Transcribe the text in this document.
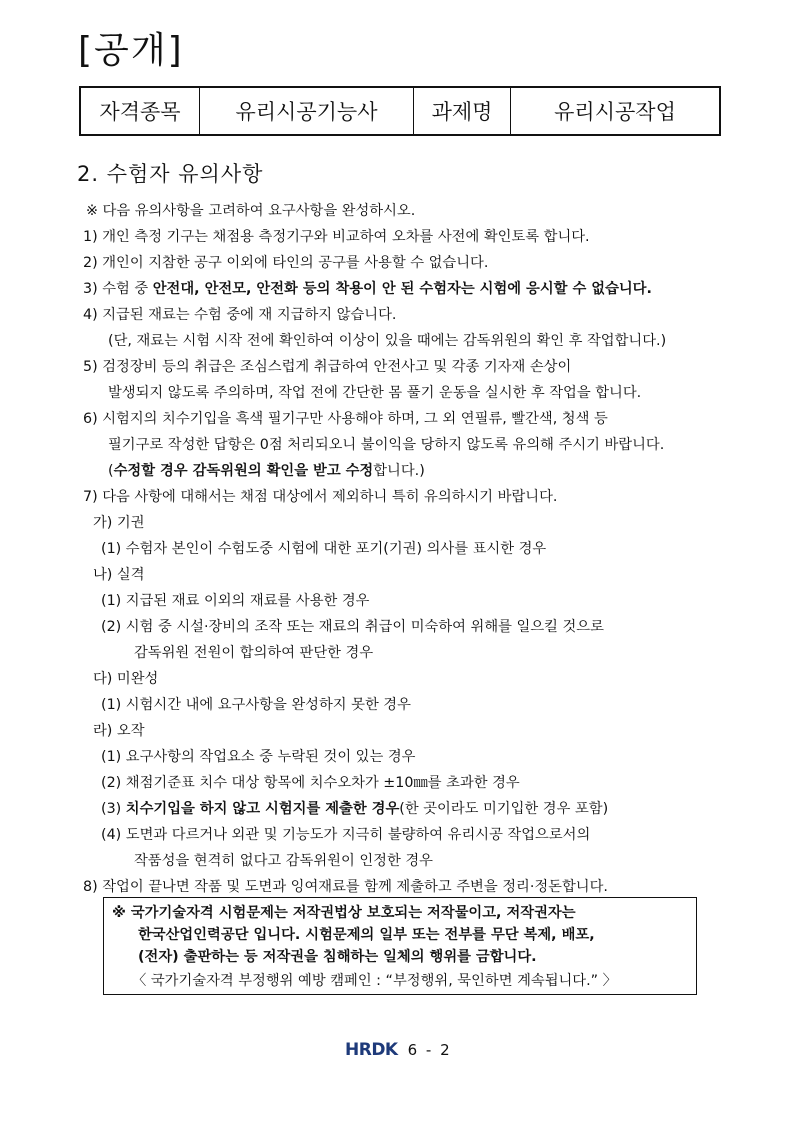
[공개]
자격종목	유리시공기능사	과제명	유리시공작업
2. 수험자 유의사항
※ 다음 유의사항을 고려하여 요구사항을 완성하시오.
1) 개인 측정 기구는 채점용 측정기구와 비교하여 오차를 사전에 확인토록 합니다.
2) 개인이 지참한 공구 이외에 타인의 공구를 사용할 수 없습니다.
3) 수험 중 안전대, 안전모, 안전화 등의 착용이 안 된 수험자는 시험에 응시할 수 없습니다.
4) 지급된 재료는 수험 중에 재 지급하지 않습니다.
(단, 재료는 시험 시작 전에 확인하여 이상이 있을 때에는 감독위원의 확인 후 작업합니다.)
5) 검정장비 등의 취급은 조심스럽게 취급하여 안전사고 및 각종 기자재 손상이
발생되지 않도록 주의하며, 작업 전에 간단한 몸 풀기 운동을 실시한 후 작업을 합니다.
6) 시험지의 치수기입을 흑색 필기구만 사용해야 하며, 그 외 연필류, 빨간색, 청색 등
필기구로 작성한 답항은 0점 처리되오니 불이익을 당하지 않도록 유의해 주시기 바랍니다.
(수정할 경우 감독위원의 확인을 받고 수정합니다.)
7) 다음 사항에 대해서는 채점 대상에서 제외하니 특히 유의하시기 바랍니다.
가) 기권
(1) 수험자 본인이 수험도중 시험에 대한 포기(기권) 의사를 표시한 경우
나) 실격
(1) 지급된 재료 이외의 재료를 사용한 경우
(2) 시험 중 시설·장비의 조작 또는 재료의 취급이 미숙하여 위해를 일으킬 것으로
감독위원 전원이 합의하여 판단한 경우
다) 미완성
(1) 시험시간 내에 요구사항을 완성하지 못한 경우
라) 오작
(1) 요구사항의 작업요소 중 누락된 것이 있는 경우
(2) 채점기준표 치수 대상 항목에 치수오차가 ±10㎜를 초과한 경우
(3) 치수기입을 하지 않고 시험지를 제출한 경우(한 곳이라도 미기입한 경우 포함)
(4) 도면과 다르거나 외관 및 기능도가 지극히 불량하여 유리시공 작업으로서의
작품성을 현격히 없다고 감독위원이 인정한 경우
8) 작업이 끝나면 작품 및 도면과 잉여재료를 함께 제출하고 주변을 정리·정돈합니다.
※ 국가기술자격 시험문제는 저작권법상 보호되는 저작물이고, 저작권자는
한국산업인력공단 입니다. 시험문제의 일부 또는 전부를 무단 복제, 배포,
(전자) 출판하는 등 저작권을 침해하는 일체의 행위를 금합니다.
〈 국가기술자격 부정행위 예방 캠페인 : “부정행위, 묵인하면 계속됩니다.” 〉
HRDK 6 - 2
